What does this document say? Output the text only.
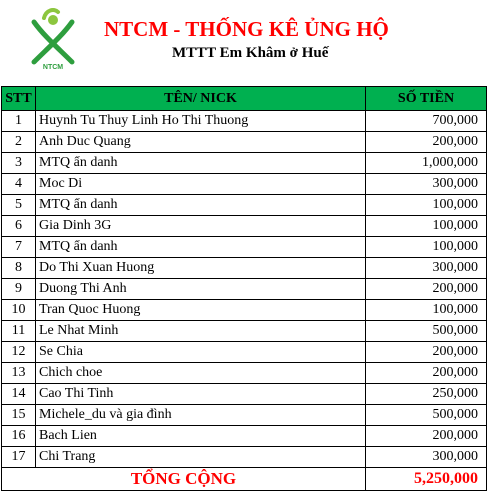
NTCM
NTCM - THỐNG KÊ ỦNG HỘ
MTTT Em Khâm ở Huế
STT	TÊN/ NICK	SỐ TIỀN
1	Huynh Tu Thuy Linh Ho Thi Thuong	700,000
2	Anh Duc Quang	200,000
3	MTQ ẩn danh	1,000,000
4	Moc Di	300,000
5	MTQ ẩn danh	100,000
6	Gia Dinh 3G	100,000
7	MTQ ẩn danh	100,000
8	Do Thi Xuan Huong	300,000
9	Duong Thi Anh	200,000
10	Tran Quoc Huong	100,000
11	Le Nhat Minh	500,000
12	Se Chia	200,000
13	Chich choe	200,000
14	Cao Thi Tinh	250,000
15	Michele_du và gia đình	500,000
16	Bach Lien	200,000
17	Chi Trang	300,000
TỔNG CỘNG		5,250,000
